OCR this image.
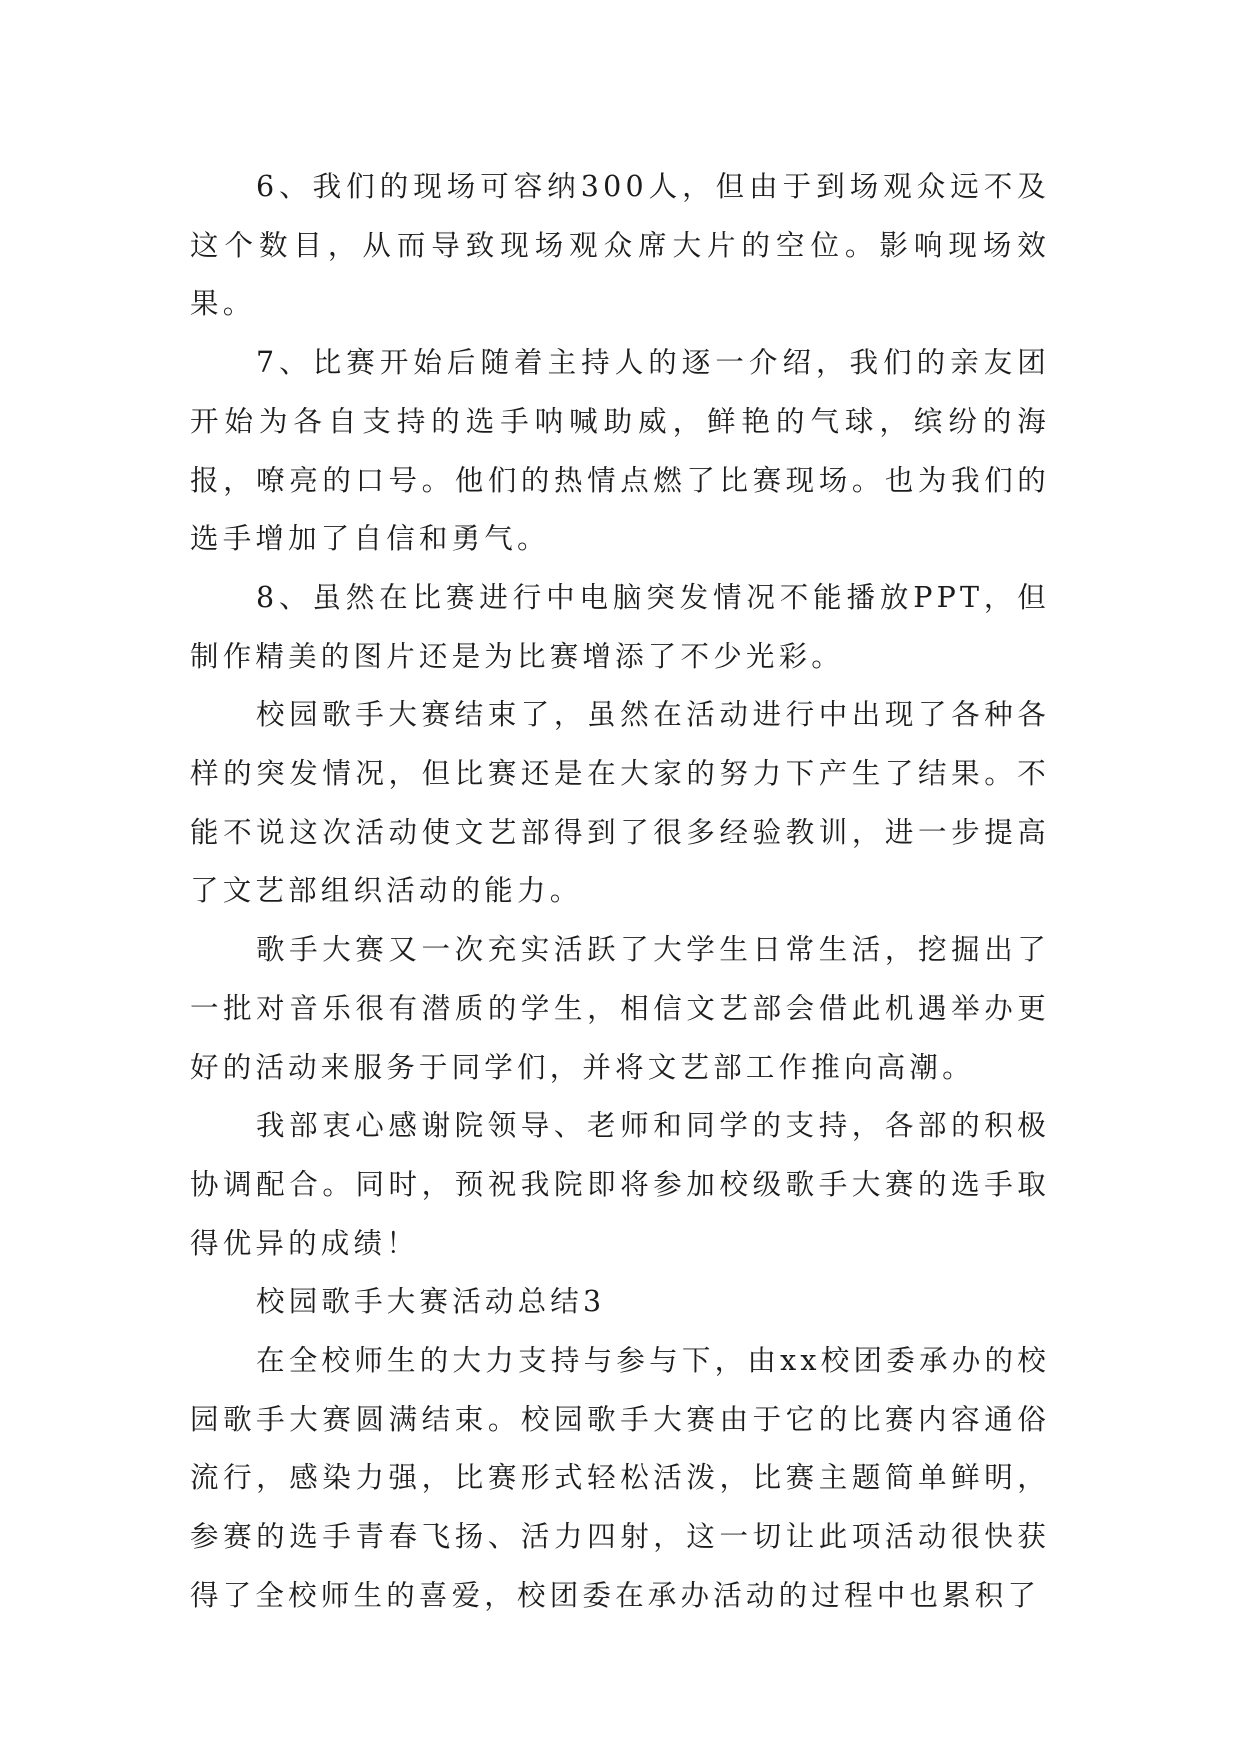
6、我们的现场可容纳300人，但由于到场观众远不及这个数目，从而导致现场观众席大片的空位。影响现场效果。

7、比赛开始后随着主持人的逐一介绍，我们的亲友团开始为各自支持的选手呐喊助威，鲜艳的气球，缤纷的海报，嘹亮的口号。他们的热情点燃了比赛现场。也为我们的选手增加了自信和勇气。

8、虽然在比赛进行中电脑突发情况不能播放PPT，但制作精美的图片还是为比赛增添了不少光彩。

校园歌手大赛结束了，虽然在活动进行中出现了各种各样的突发情况，但比赛还是在大家的努力下产生了结果。不能不说这次活动使文艺部得到了很多经验教训，进一步提高了文艺部组织活动的能力。

歌手大赛又一次充实活跃了大学生日常生活，挖掘出了一批对音乐很有潜质的学生，相信文艺部会借此机遇举办更好的活动来服务于同学们，并将文艺部工作推向高潮。

我部衷心感谢院领导、老师和同学的支持，各部的积极协调配合。同时，预祝我院即将参加校级歌手大赛的选手取得优异的成绩！

校园歌手大赛活动总结3

在全校师生的大力支持与参与下，由xx校团委承办的校园歌手大赛圆满结束。校园歌手大赛由于它的比赛内容通俗流行，感染力强，比赛形式轻松活泼，比赛主题简单鲜明，参赛的选手青春飞扬、活力四射，这一切让此项活动很快获得了全校师生的喜爱，校团委在承办活动的过程中也累积了
